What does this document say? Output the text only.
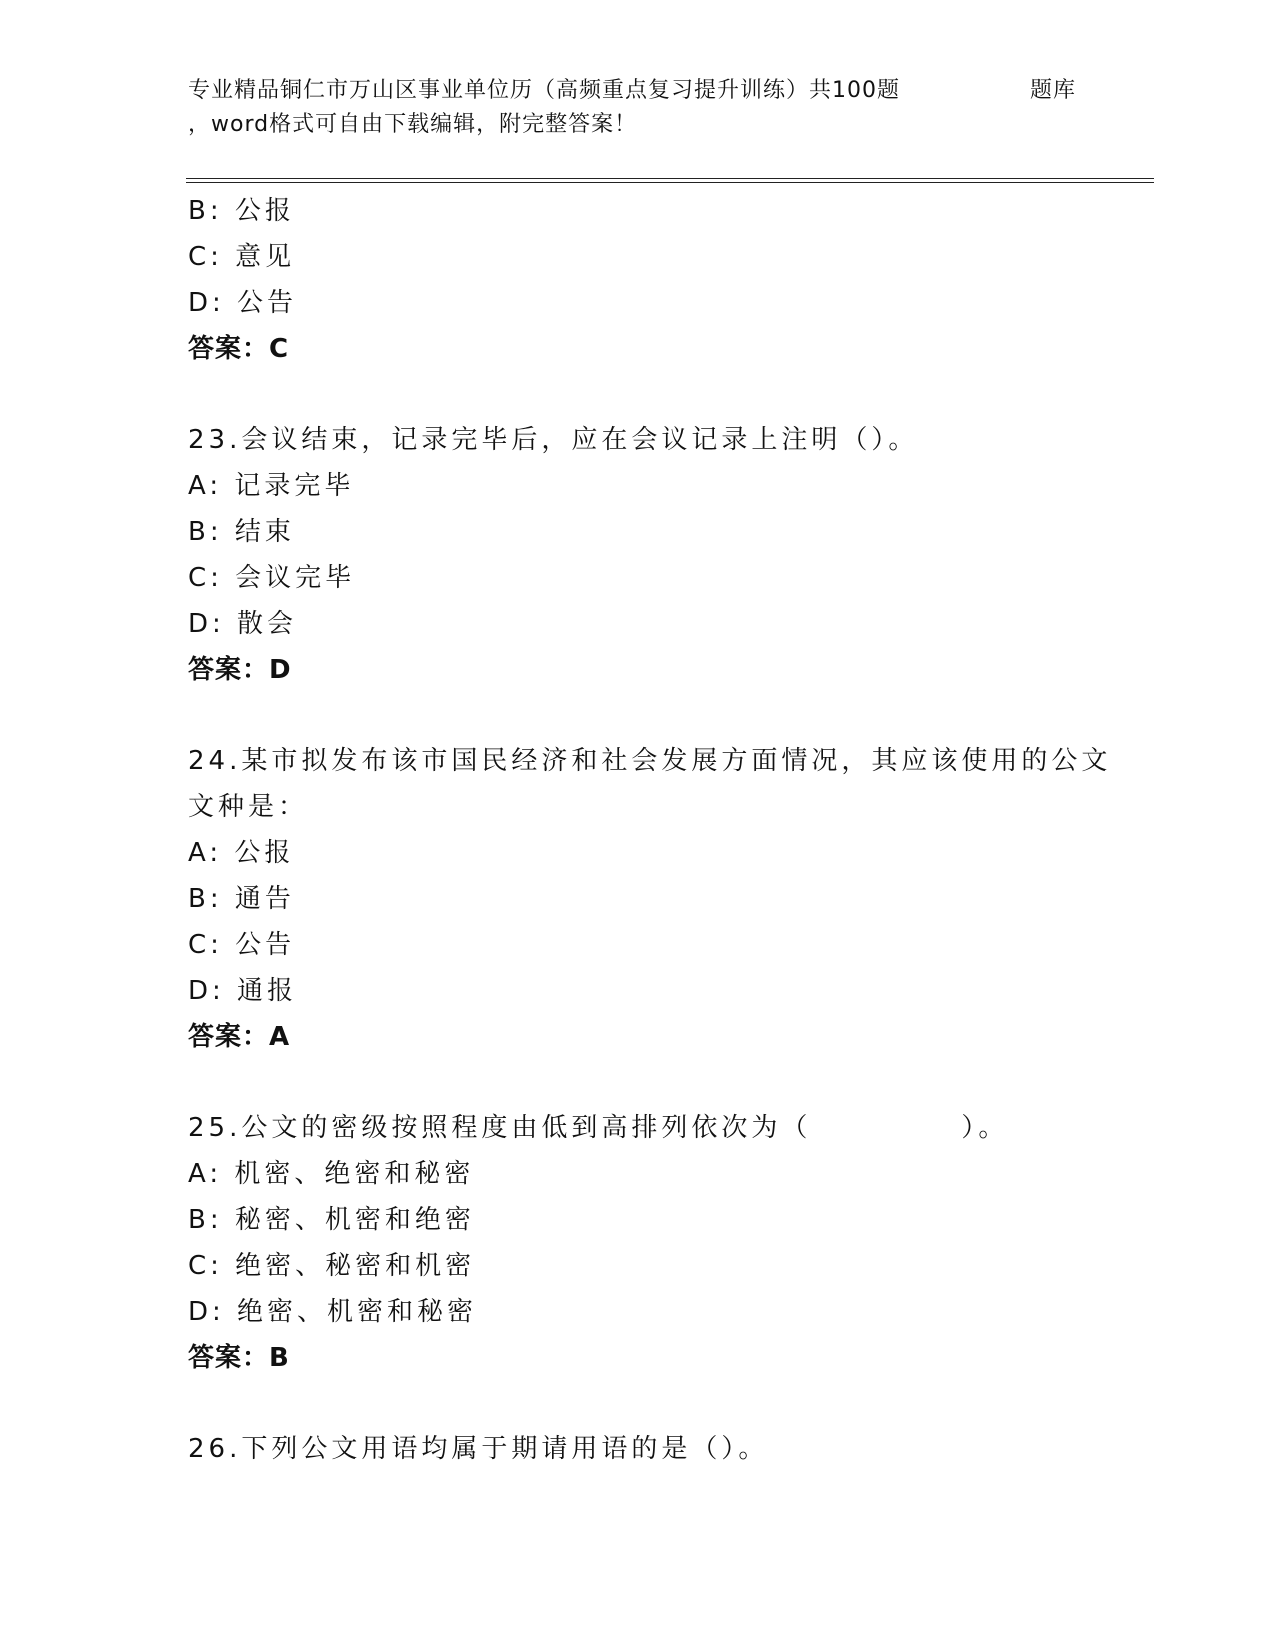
专业精品铜仁市万山区事业单位历（高频重点复习提升训练）共100题	题库
，word格式可自由下载编辑，附完整答案！
B: 公报
C: 意见
D: 公告
答案：C
23.会议结束，记录完毕后，应在会议记录上注明（）。
A: 记录完毕
B: 结束
C: 会议完毕
D: 散会
答案：D
24.某市拟发布该市国民经济和社会发展方面情况，其应该使用的公文
文种是：
A: 公报
B: 通告
C: 公告
D: 通报
答案：A
25.公文的密级按照程度由低到高排列依次为（　　　　　）。
A: 机密、绝密和秘密
B: 秘密、机密和绝密
C: 绝密、秘密和机密
D: 绝密、机密和秘密
答案：B
26.下列公文用语均属于期请用语的是（）。
